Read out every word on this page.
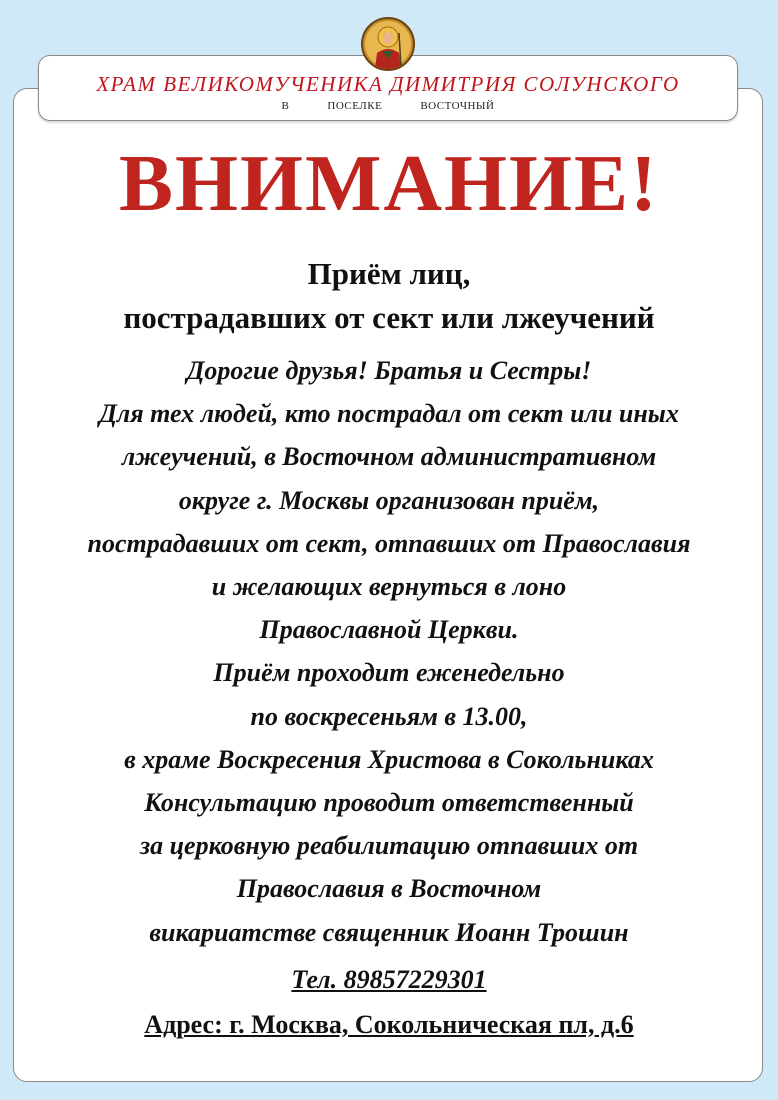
ХРАМ ВЕЛИКОМУЧЕНИКА ДИМИТРИЯ СОЛУНСКОГО
В	ПОСЕЛКЕ	ВОСТОЧНЫЙ
ВНИМАНИЕ!
Приём лиц,
пострадавших от сект или лжеучений
Дорогие друзья! Братья и Сестры!
Для тех людей, кто пострадал от сект или иных
лжеучений, в Восточном административном
округе г. Москвы организован приём,
пострадавших от сект, отпавших от Православия
и желающих вернуться в лоно
Православной Церкви.
Приём проходит еженедельно
по воскресеньям в 13.00,
в храме Воскресения Христова в Сокольниках
Консультацию проводит ответственный
за церковную реабилитацию отпавших от
Православия в Восточном
викариатстве священник Иоанн Трошин
Тел. 89857229301
Адрес: г. Москва, Сокольническая пл, д.6
